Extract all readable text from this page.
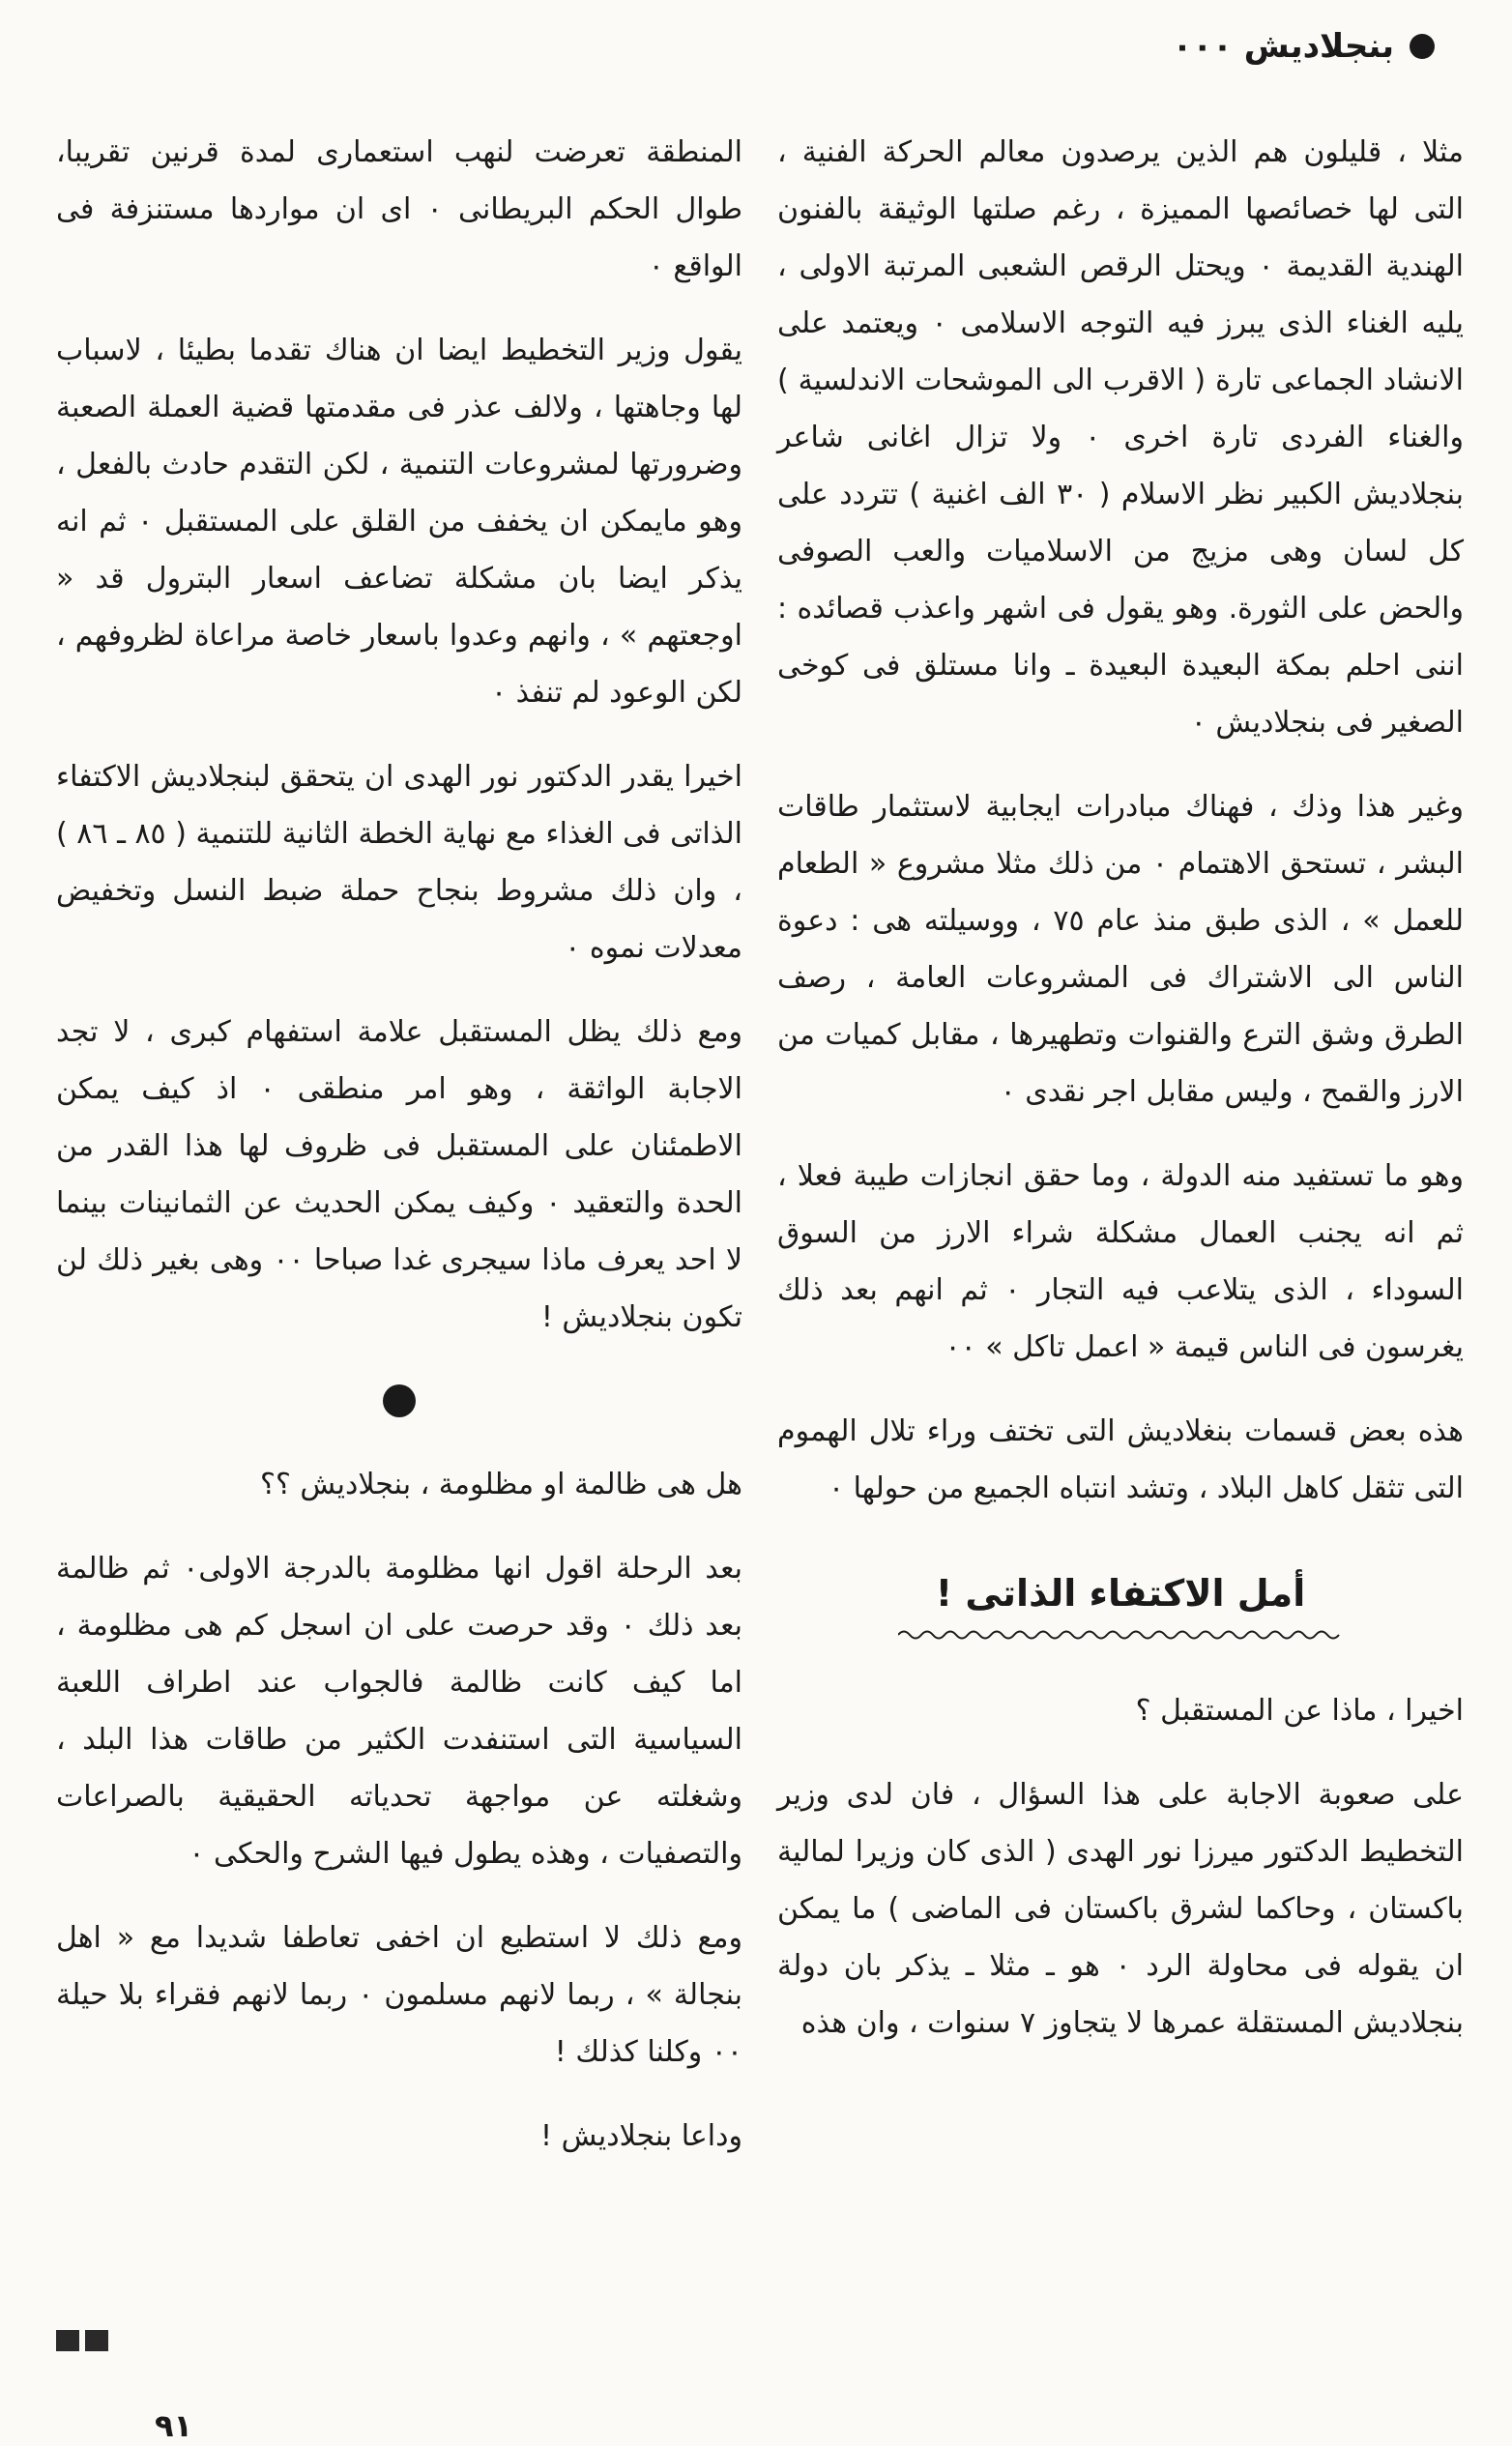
بنجلاديش ٠٠٠

مثلا ، قليلون هم الذين يرصدون معالم الحركة الفنية ، التى لها خصائصها المميزة ، رغم صلتها الوثيقة بالفنون الهندية القديمة ٠ ويحتل الرقص الشعبى المرتبة الاولى ، يليه الغناء الذى يبرز فيه التوجه الاسلامى ٠ ويعتمد على الانشاد الجماعى تارة ( الاقرب الى الموشحات الاندلسية ) والغناء الفردى تارة اخرى ٠ ولا تزال اغانى شاعر بنجلاديش الكبير نظر الاسلام ( ٣٠ الف اغنية ) تتردد على كل لسان وهى مزيج من الاسلاميات والعب الصوفى والحض على الثورة. وهو يقول فى اشهر واعذب قصائده : اننى احلم بمكة البعيدة البعيدة ـ وانا مستلق فى كوخى الصغير فى بنجلاديش ٠

وغير هذا وذك ، فهناك مبادرات ايجابية لاستثمار طاقات البشر ، تستحق الاهتمام ٠ من ذلك مثلا مشروع « الطعام للعمل » ، الذى طبق منذ عام ٧٥ ، ووسيلته هى : دعوة الناس الى الاشتراك فى المشروعات العامة ، رصف الطرق وشق الترع والقنوات وتطهيرها ، مقابل كميات من الارز والقمح ، وليس مقابل اجر نقدى ٠

وهو ما تستفيد منه الدولة ، وما حقق انجازات طيبة فعلا ، ثم انه يجنب العمال مشكلة شراء الارز من السوق السوداء ، الذى يتلاعب فيه التجار ٠ ثم انهم بعد ذلك يغرسون فى الناس قيمة « اعمل تاكل » ٠٠

هذه بعض قسمات بنغلاديش التى تختف وراء تلال الهموم التى تثقل كاهل البلاد ، وتشد انتباه الجميع من حولها ٠

أمل الاكتفاء الذاتى !

اخيرا ، ماذا عن المستقبل ؟

على صعوبة الاجابة على هذا السؤال ، فان لدى وزير التخطيط الدكتور ميرزا نور الهدى ( الذى كان وزيرا لمالية باكستان ، وحاكما لشرق باكستان فى الماضى ) ما يمكن ان يقوله فى محاولة الرد ٠ هو ـ مثلا ـ يذكر بان دولة بنجلاديش المستقلة عمرها لا يتجاوز ٧ سنوات ، وان هذه

المنطقة تعرضت لنهب استعمارى لمدة قرنين تقريبا، طوال الحكم البريطانى ٠ اى ان مواردها مستنزفة فى الواقع ٠

يقول وزير التخطيط ايضا ان هناك تقدما بطيئا ، لاسباب لها وجاهتها ، ولالف عذر فى مقدمتها قضية العملة الصعبة وضرورتها لمشروعات التنمية ، لكن التقدم حادث بالفعل ، وهو مايمكن ان يخفف من القلق على المستقبل ٠ ثم انه يذكر ايضا بان مشكلة تضاعف اسعار البترول قد « اوجعتهم » ، وانهم وعدوا باسعار خاصة مراعاة لظروفهم ، لكن الوعود لم تنفذ ٠

اخيرا يقدر الدكتور نور الهدى ان يتحقق لبنجلاديش الاكتفاء الذاتى فى الغذاء مع نهاية الخطة الثانية للتنمية ( ٨٥ ـ ٨٦ ) ، وان ذلك مشروط بنجاح حملة ضبط النسل وتخفيض معدلات نموه ٠

ومع ذلك يظل المستقبل علامة استفهام كبرى ، لا تجد الاجابة الواثقة ، وهو امر منطقى ٠ اذ كيف يمكن الاطمئنان على المستقبل فى ظروف لها هذا القدر من الحدة والتعقيد ٠ وكيف يمكن الحديث عن الثمانينات بينما لا احد يعرف ماذا سيجرى غدا صباحا ٠٠ وهى بغير ذلك لن تكون بنجلاديش !

هل هى ظالمة او مظلومة ، بنجلاديش ؟؟

بعد الرحلة اقول انها مظلومة بالدرجة الاولى٠ ثم ظالمة بعد ذلك ٠ وقد حرصت على ان اسجل كم هى مظلومة ، اما كيف كانت ظالمة فالجواب عند اطراف اللعبة السياسية التى استنفدت الكثير من طاقات هذا البلد ، وشغلته عن مواجهة تحدياته الحقيقية بالصراعات والتصفيات ، وهذه يطول فيها الشرح والحكى ٠

ومع ذلك لا استطيع ان اخفى تعاطفا شديدا مع « اهل بنجالة » ، ربما لانهم مسلمون ٠ ربما لانهم فقراء بلا حيلة ٠٠ وكلنا كذلك !

وداعا بنجلاديش !

٩١
